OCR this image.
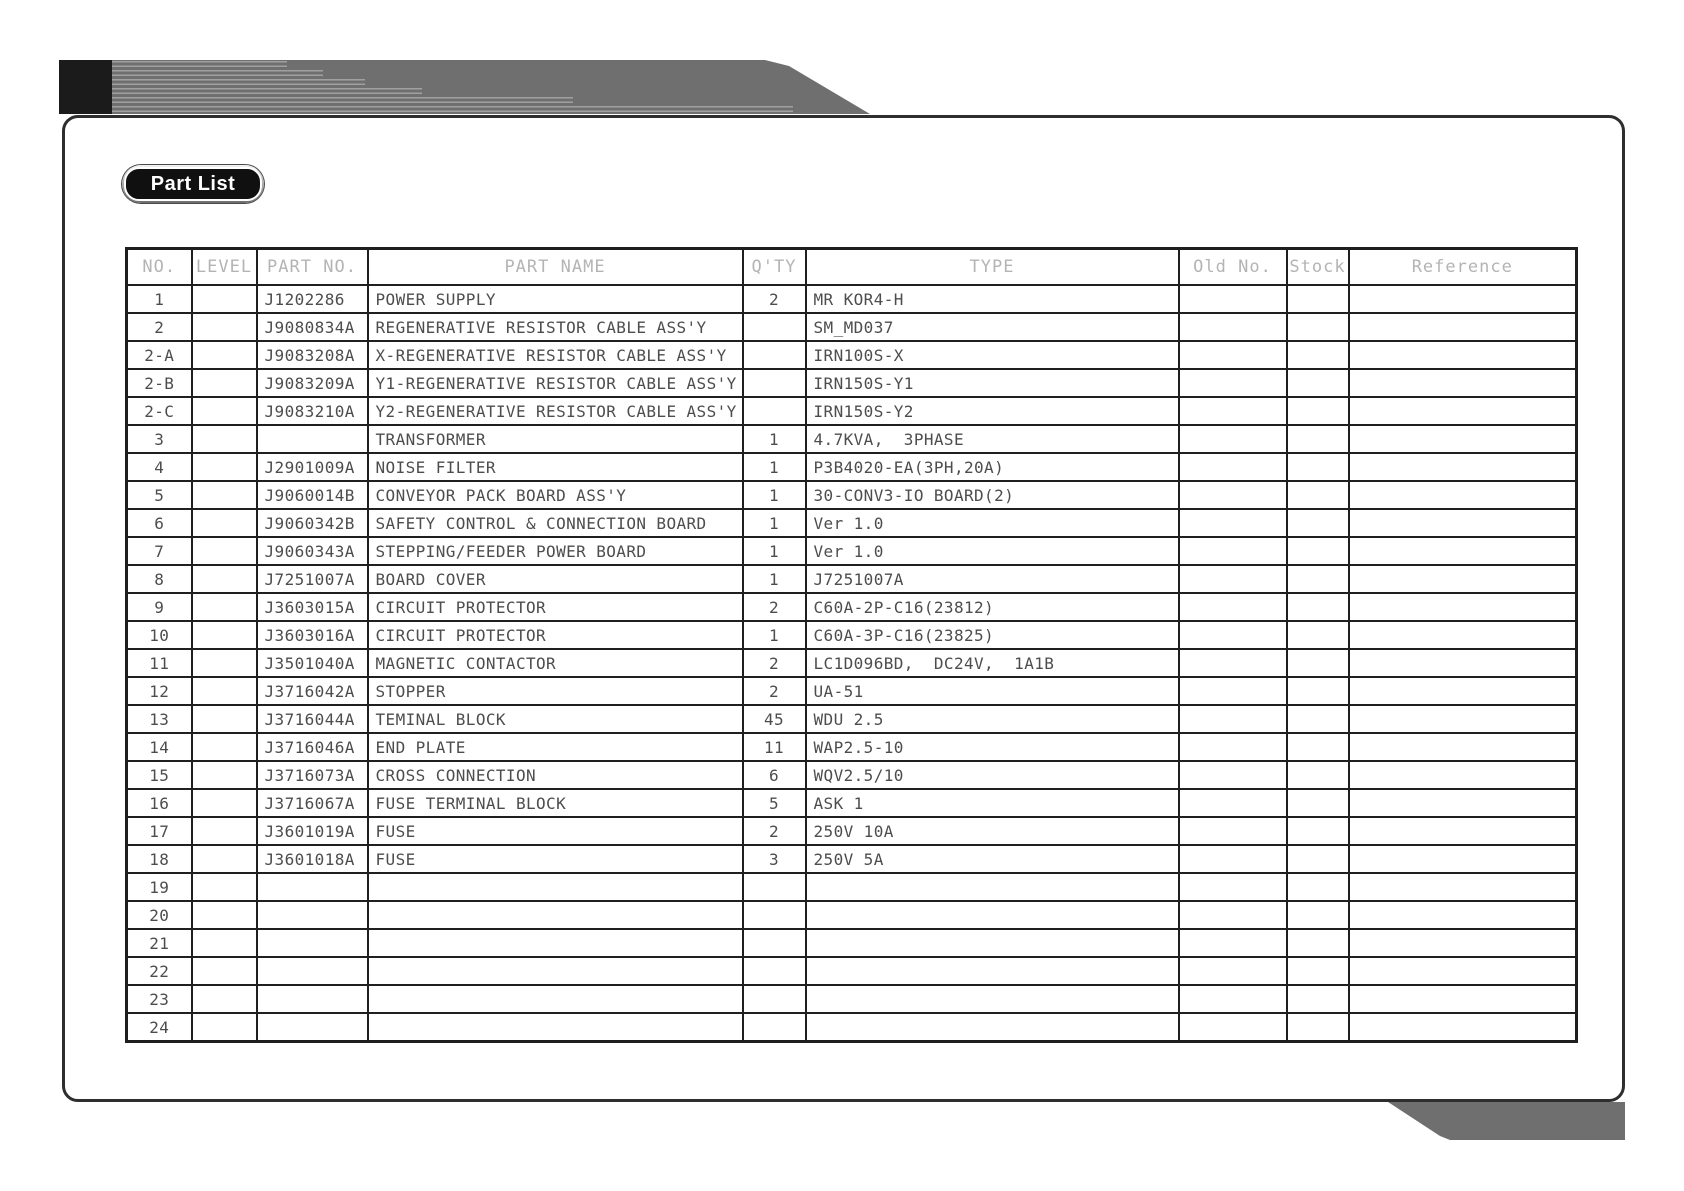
Part List
NO.	LEVEL	PART NO.	PART NAME	Q'TY	TYPE	Old No.	Stock	Reference
1		J1202286	POWER SUPPLY	2	MR KOR4-H			
2		J9080834A	REGENERATIVE RESISTOR CABLE ASS'Y		SM_MD037			
2-A		J9083208A	X-REGENERATIVE RESISTOR CABLE ASS'Y		IRN100S-X			
2-B		J9083209A	Y1-REGENERATIVE RESISTOR CABLE ASS'Y		IRN150S-Y1			
2-C		J9083210A	Y2-REGENERATIVE RESISTOR CABLE ASS'Y		IRN150S-Y2			
3			TRANSFORMER	1	4.7KVA,  3PHASE			
4		J2901009A	NOISE FILTER	1	P3B4020-EA(3PH,20A)			
5		J9060014B	CONVEYOR PACK BOARD ASS'Y	1	30-CONV3-IO BOARD(2)			
6		J9060342B	SAFETY CONTROL & CONNECTION BOARD	1	Ver 1.0			
7		J9060343A	STEPPING/FEEDER POWER BOARD	1	Ver 1.0			
8		J7251007A	BOARD COVER	1	J7251007A			
9		J3603015A	CIRCUIT PROTECTOR	2	C60A-2P-C16(23812)			
10		J3603016A	CIRCUIT PROTECTOR	1	C60A-3P-C16(23825)			
11		J3501040A	MAGNETIC CONTACTOR	2	LC1D096BD,  DC24V,  1A1B			
12		J3716042A	STOPPER	2	UA-51			
13		J3716044A	TEMINAL BLOCK	45	WDU 2.5			
14		J3716046A	END PLATE	11	WAP2.5-10			
15		J3716073A	CROSS CONNECTION	6	WQV2.5/10			
16		J3716067A	FUSE TERMINAL BLOCK	5	ASK 1			
17		J3601019A	FUSE	2	250V 10A			
18		J3601018A	FUSE	3	250V 5A			
19								
20								
21								
22								
23								
24								
